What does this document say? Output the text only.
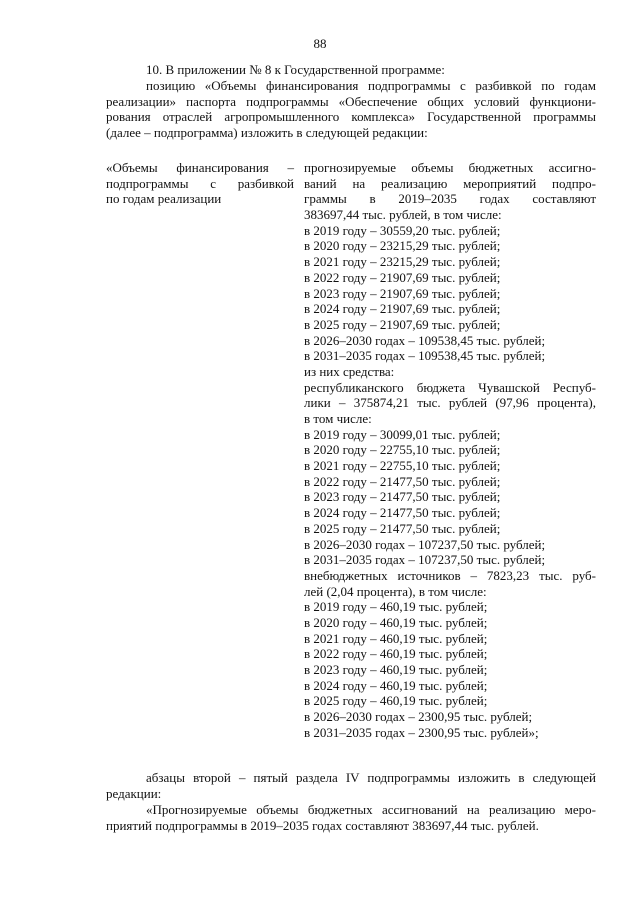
88
10. В приложении № 8 к Государственной программе:
позицию «Объемы финансирования подпрограммы с разбивкой по годам
реализации» паспорта подпрограммы «Обеспечение общих условий функциони-
рования отраслей агропромышленного комплекса» Государственной программы
(далее – подпрограмма) изложить в следующей редакции:
«Объемы финансирования –
подпрограммы с разбивкой
по годам реализации
прогнозируемые объемы бюджетных ассигно-
ваний на реализацию мероприятий подпро-
граммы в 2019–2035 годах составляют
383697,44 тыс. рублей, в том числе:
в 2019 году – 30559,20 тыс. рублей;
в 2020 году – 23215,29 тыс. рублей;
в 2021 году – 23215,29 тыс. рублей;
в 2022 году – 21907,69 тыс. рублей;
в 2023 году – 21907,69 тыс. рублей;
в 2024 году – 21907,69 тыс. рублей;
в 2025 году – 21907,69 тыс. рублей;
в 2026–2030 годах – 109538,45 тыс. рублей;
в 2031–2035 годах – 109538,45 тыс. рублей;
из них средства:
республиканского бюджета Чувашской Респуб-
лики – 375874,21 тыс. рублей (97,96 процента),
в том числе:
в 2019 году – 30099,01 тыс. рублей;
в 2020 году – 22755,10 тыс. рублей;
в 2021 году – 22755,10 тыс. рублей;
в 2022 году – 21477,50 тыс. рублей;
в 2023 году – 21477,50 тыс. рублей;
в 2024 году – 21477,50 тыс. рублей;
в 2025 году – 21477,50 тыс. рублей;
в 2026–2030 годах – 107237,50 тыс. рублей;
в 2031–2035 годах – 107237,50 тыс. рублей;
внебюджетных источников – 7823,23 тыс. руб-
лей (2,04 процента), в том числе:
в 2019 году – 460,19 тыс. рублей;
в 2020 году – 460,19 тыс. рублей;
в 2021 году – 460,19 тыс. рублей;
в 2022 году – 460,19 тыс. рублей;
в 2023 году – 460,19 тыс. рублей;
в 2024 году – 460,19 тыс. рублей;
в 2025 году – 460,19 тыс. рублей;
в 2026–2030 годах – 2300,95 тыс. рублей;
в 2031–2035 годах – 2300,95 тыс. рублей»;
абзацы второй – пятый раздела IV подпрограммы изложить в следующей
редакции:
«Прогнозируемые объемы бюджетных ассигнований на реализацию меро-
приятий подпрограммы в 2019–2035 годах составляют 383697,44 тыс. рублей.
